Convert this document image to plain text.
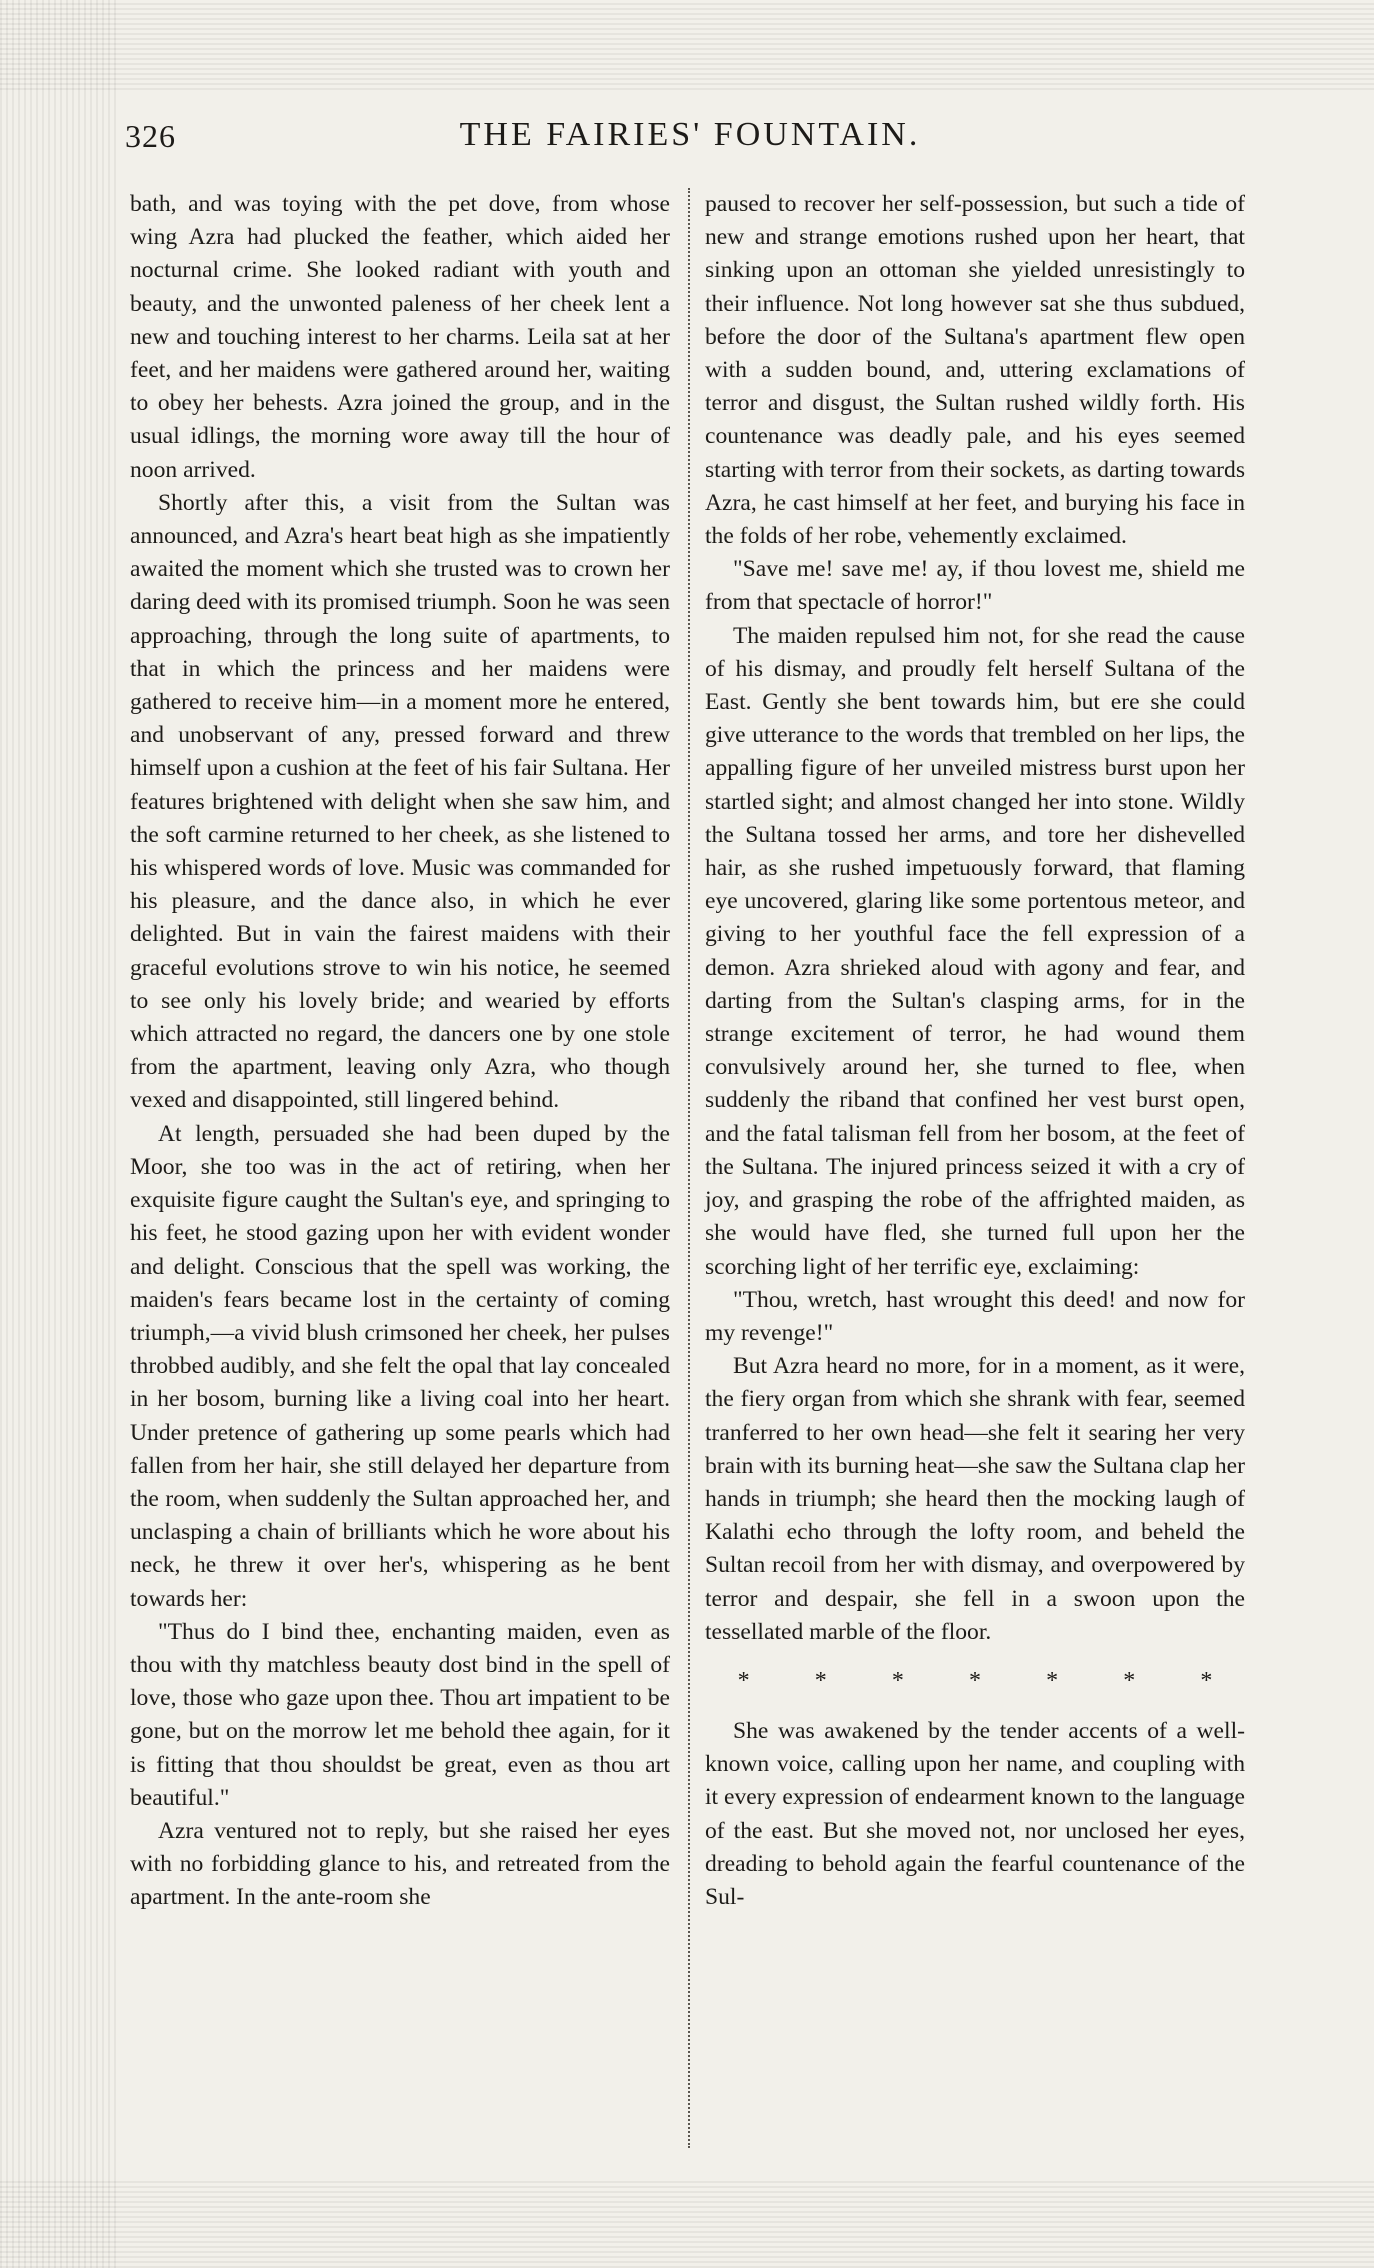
326	THE FAIRIES' FOUNTAIN.

bath, and was toying with the pet dove, from whose wing Azra had plucked the feather, which aided her nocturnal crime. She looked radiant with youth and beauty, and the unwonted paleness of her cheek lent a new and touching interest to her charms. Leila sat at her feet, and her maidens were gathered around her, waiting to obey her behests. Azra joined the group, and in the usual idlings, the morning wore away till the hour of noon arrived.

Shortly after this, a visit from the Sultan was announced, and Azra's heart beat high as she impatiently awaited the moment which she trusted was to crown her daring deed with its promised triumph. Soon he was seen approaching, through the long suite of apartments, to that in which the princess and her maidens were gathered to receive him—in a moment more he entered, and unobservant of any, pressed forward and threw himself upon a cushion at the feet of his fair Sultana. Her features brightened with delight when she saw him, and the soft carmine returned to her cheek, as she listened to his whispered words of love. Music was commanded for his pleasure, and the dance also, in which he ever delighted. But in vain the fairest maidens with their graceful evolutions strove to win his notice, he seemed to see only his lovely bride; and wearied by efforts which attracted no regard, the dancers one by one stole from the apartment, leaving only Azra, who though vexed and disappointed, still lingered behind.

At length, persuaded she had been duped by the Moor, she too was in the act of retiring, when her exquisite figure caught the Sultan's eye, and springing to his feet, he stood gazing upon her with evident wonder and delight. Conscious that the spell was working, the maiden's fears became lost in the certainty of coming triumph,—a vivid blush crimsoned her cheek, her pulses throbbed audibly, and she felt the opal that lay concealed in her bosom, burning like a living coal into her heart. Under pretence of gathering up some pearls which had fallen from her hair, she still delayed her departure from the room, when suddenly the Sultan approached her, and unclasping a chain of brilliants which he wore about his neck, he threw it over her's, whispering as he bent towards her:

"Thus do I bind thee, enchanting maiden, even as thou with thy matchless beauty dost bind in the spell of love, those who gaze upon thee. Thou art impatient to be gone, but on the morrow let me behold thee again, for it is fitting that thou shouldst be great, even as thou art beautiful."

Azra ventured not to reply, but she raised her eyes with no forbidding glance to his, and retreated from the apartment. In the ante-room she

paused to recover her self-possession, but such a tide of new and strange emotions rushed upon her heart, that sinking upon an ottoman she yielded unresistingly to their influence. Not long however sat she thus subdued, before the door of the Sultana's apartment flew open with a sudden bound, and, uttering exclamations of terror and disgust, the Sultan rushed wildly forth. His countenance was deadly pale, and his eyes seemed starting with terror from their sockets, as darting towards Azra, he cast himself at her feet, and burying his face in the folds of her robe, vehemently exclaimed.

"Save me! save me! ay, if thou lovest me, shield me from that spectacle of horror!"

The maiden repulsed him not, for she read the cause of his dismay, and proudly felt herself Sultana of the East. Gently she bent towards him, but ere she could give utterance to the words that trembled on her lips, the appalling figure of her unveiled mistress burst upon her startled sight; and almost changed her into stone. Wildly the Sultana tossed her arms, and tore her dishevelled hair, as she rushed impetuously forward, that flaming eye uncovered, glaring like some portentous meteor, and giving to her youthful face the fell expression of a demon. Azra shrieked aloud with agony and fear, and darting from the Sultan's clasping arms, for in the strange excitement of terror, he had wound them convulsively around her, she turned to flee, when suddenly the riband that confined her vest burst open, and the fatal talisman fell from her bosom, at the feet of the Sultana. The injured princess seized it with a cry of joy, and grasping the robe of the affrighted maiden, as she would have fled, she turned full upon her the scorching light of her terrific eye, exclaiming:

"Thou, wretch, hast wrought this deed! and now for my revenge!"

But Azra heard no more, for in a moment, as it were, the fiery organ from which she shrank with fear, seemed tranferred to her own head—she felt it searing her very brain with its burning heat—she saw the Sultana clap her hands in triumph; she heard then the mocking laugh of Kalathi echo through the lofty room, and beheld the Sultan recoil from her with dismay, and overpowered by terror and despair, she fell in a swoon upon the tessellated marble of the floor.

*	*	*	*	*	*	*

She was awakened by the tender accents of a well-known voice, calling upon her name, and coupling with it every expression of endearment known to the language of the east. But she moved not, nor unclosed her eyes, dreading to behold again the fearful countenance of the Sul-
